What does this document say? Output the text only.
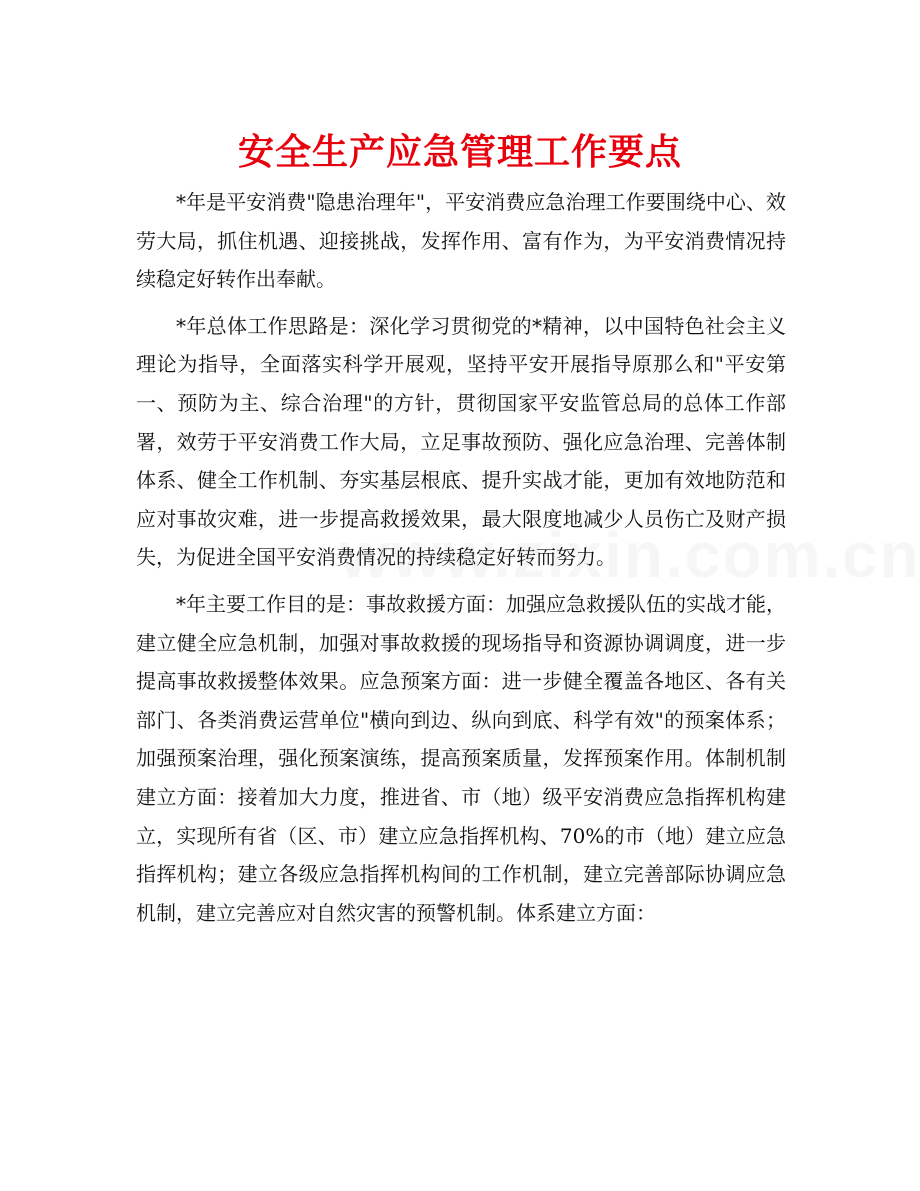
安全生产应急管理工作要点

*年是平安消费"隐患治理年"，平安消费应急治理工作要围绕中心、效劳大局，抓住机遇、迎接挑战，发挥作用、富有作为，为平安消费情况持续稳定好转作出奉献。

*年总体工作思路是：深化学习贯彻党的*精神，以中国特色社会主义理论为指导，全面落实科学开展观，坚持平安开展指导原那么和"平安第一、预防为主、综合治理"的方针，贯彻国家平安监管总局的总体工作部署，效劳于平安消费工作大局，立足事故预防、强化应急治理、完善体制体系、健全工作机制、夯实基层根底、提升实战才能，更加有效地防范和应对事故灾难，进一步提高救援效果，最大限度地减少人员伤亡及财产损失，为促进全国平安消费情况的持续稳定好转而努力。

*年主要工作目的是：事故救援方面：加强应急救援队伍的实战才能，建立健全应急机制，加强对事故救援的现场指导和资源协调调度，进一步提高事故救援整体效果。应急预案方面：进一步健全覆盖各地区、各有关部门、各类消费运营单位"横向到边、纵向到底、科学有效"的预案体系；加强预案治理，强化预案演练，提高预案质量，发挥预案作用。体制机制建立方面：接着加大力度，推进省、市（地）级平安消费应急指挥机构建立，实现所有省（区、市）建立应急指挥机构、70%的市（地）建立应急指挥机构；建立各级应急指挥机构间的工作机制，建立完善部际协调应急机制，建立完善应对自然灾害的预警机制。体系建立方面：
